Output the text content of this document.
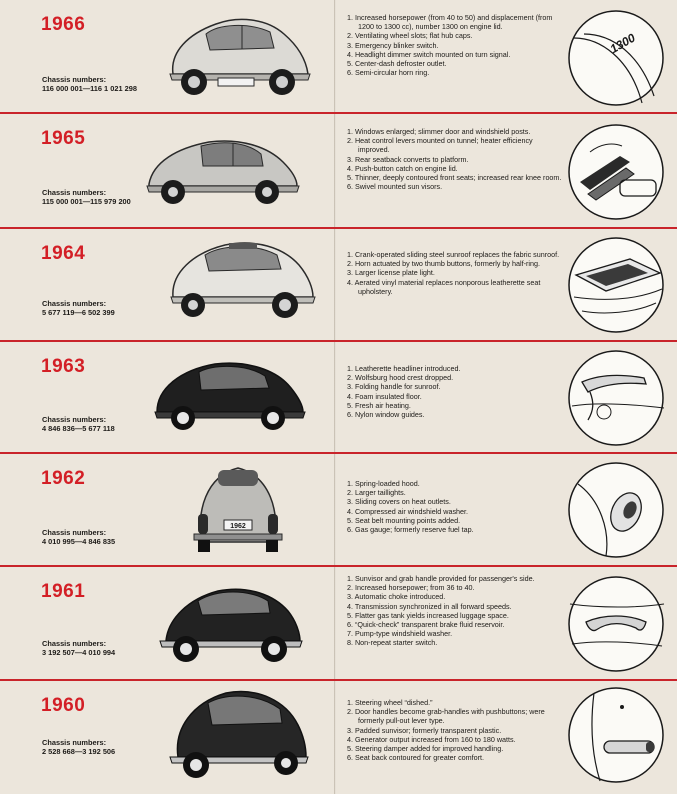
1966
Chassis numbers:
116 000 001—116 1 021 298
1. Increased horsepower (from 40 to 50) and displacement (from 1200 to 1300 cc), number 1300 on engine lid.
2. Ventilating wheel slots; flat hub caps.
3. Emergency blinker switch.
4. Headlight dimmer switch mounted on turn signal.
5. Center-dash defroster outlet.
6. Semi-circular horn ring.
1300
1965
Chassis numbers:
115 000 001—115 979 200
1. Windows enlarged; slimmer door and windshield posts.
2. Heat control levers mounted on tunnel; heater efficiency improved.
3. Rear seatback converts to platform.
4. Push-button catch on engine lid.
5. Thinner, deeply contoured front seats; increased rear knee room.
6. Swivel mounted sun visors.
1964
Chassis numbers:
5 677 119—6 502 399
1. Crank-operated sliding steel sunroof replaces the fabric sunroof.
2. Horn actuated by two thumb buttons, formerly by half-ring.
3. Larger license plate light.
4. Aerated vinyl material replaces nonporous leatherette seat upholstery.
1963
Chassis numbers:
4 846 836—5 677 118
1. Leatherette headliner introduced.
2. Wolfsburg hood crest dropped.
3. Folding handle for sunroof.
4. Foam insulated floor.
5. Fresh air heating.
6. Nylon window guides.
1962
Chassis numbers:
4 010 995—4 846 835
1962
1. Spring-loaded hood.
2. Larger taillights.
3. Sliding covers on heat outlets.
4. Compressed air windshield washer.
5. Seat belt mounting points added.
6. Gas gauge; formerly reserve fuel tap.
1961
Chassis numbers:
3 192 507—4 010 994
1. Sunvisor and grab handle provided for passenger's side.
2. Increased horsepower; from 36 to 40.
3. Automatic choke introduced.
4. Transmission synchronized in all forward speeds.
5. Flatter gas tank yields increased luggage space.
6. “Quick-check” transparent brake fluid reservoir.
7. Pump-type windshield washer.
8. Non-repeat starter switch.
1960
Chassis numbers:
2 528 668—3 192 506
1. Steering wheel “dished.”
2. Door handles become grab-handles with pushbuttons; were formerly pull-out lever type.
3. Padded sunvisor; formerly transparent plastic.
4. Generator output increased from 160 to 180 watts.
5. Steering damper added for improved handling.
6. Seat back contoured for greater comfort.
